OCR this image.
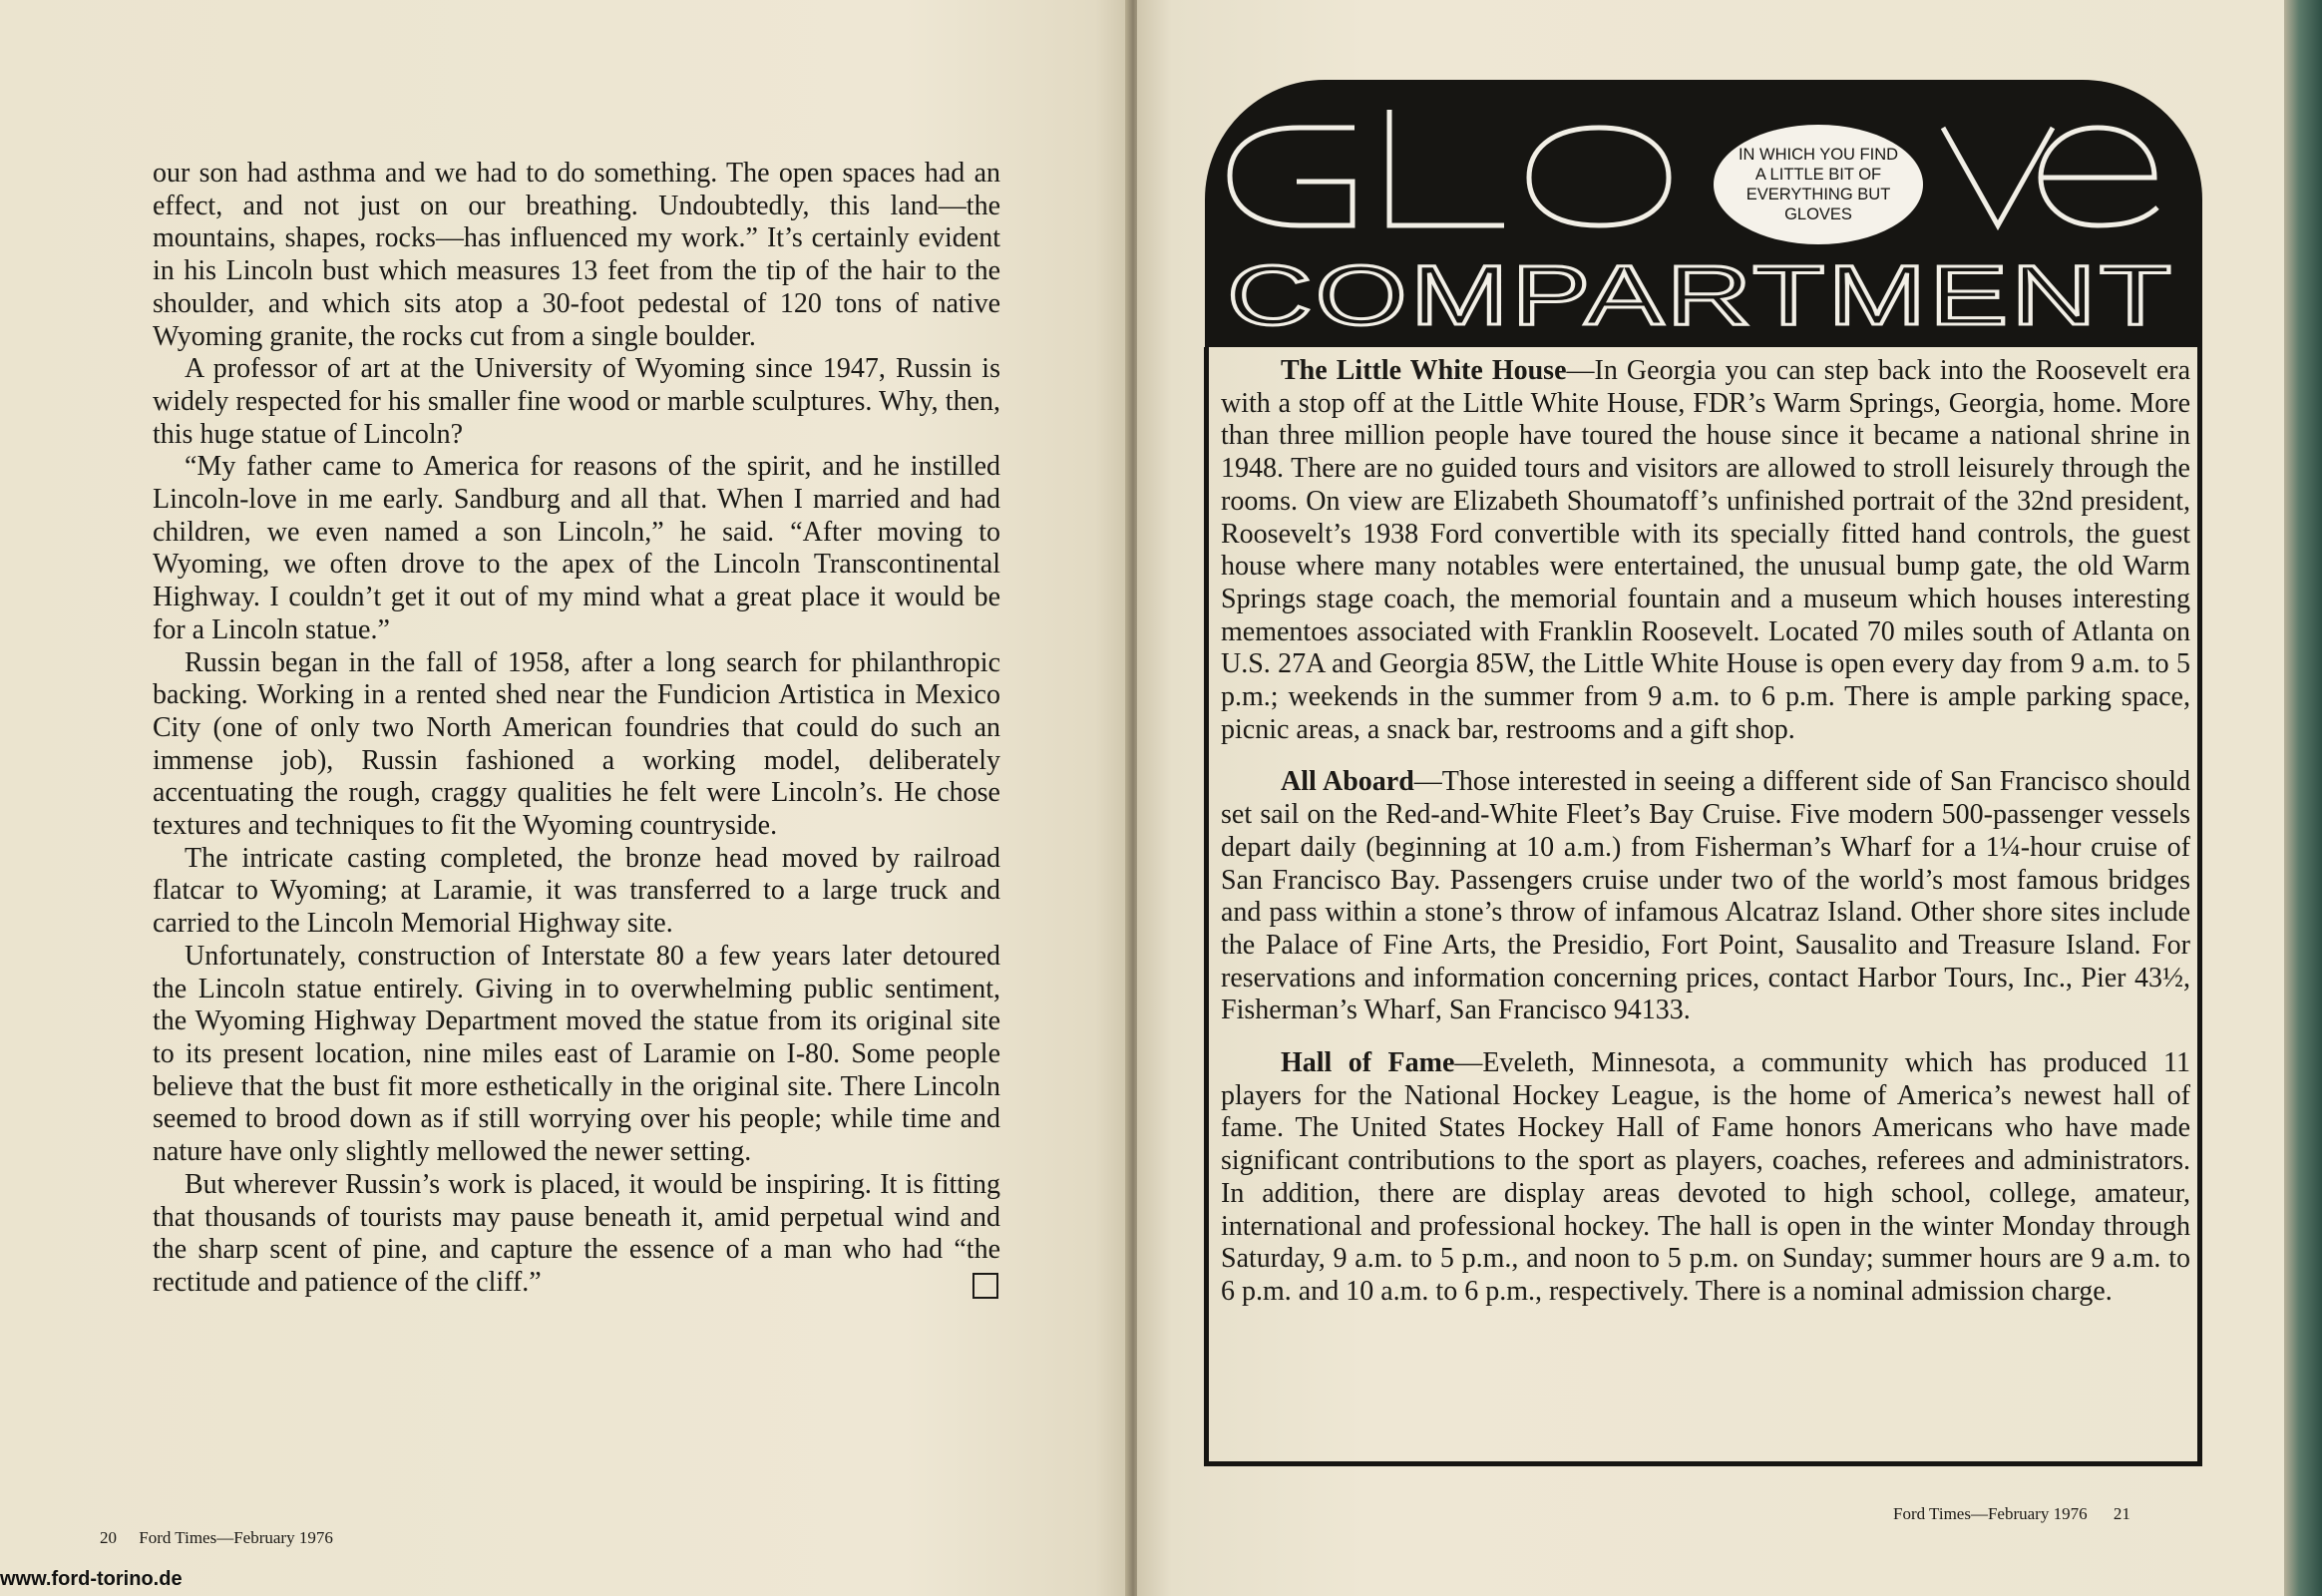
our son had asthma and we had to do something. The open spaces had an effect, and not just on our breathing. Undoubtedly, this land—the mountains, shapes, rocks—has influenced my work.” It’s certainly evident in his Lincoln bust which measures 13 feet from the tip of the hair to the shoulder, and which sits atop a 30-foot pedestal of 120 tons of native Wyoming granite, the rocks cut from a single boulder.

A professor of art at the University of Wyoming since 1947, Russin is widely respected for his smaller fine wood or marble sculptures. Why, then, this huge statue of Lincoln?

“My father came to America for reasons of the spirit, and he instilled Lincoln-love in me early. Sandburg and all that. When I married and had children, we even named a son Lincoln,” he said. “After moving to Wyoming, we often drove to the apex of the Lincoln Transcontinental Highway. I couldn’t get it out of my mind what a great place it would be for a Lincoln statue.”

Russin began in the fall of 1958, after a long search for philanthropic backing. Working in a rented shed near the Fundicion Artistica in Mexico City (one of only two North American foundries that could do such an immense job), Russin fashioned a working model, deliberately accentuating the rough, craggy qualities he felt were Lincoln’s. He chose textures and techniques to fit the Wyoming countryside.

The intricate casting completed, the bronze head moved by railroad flatcar to Wyoming; at Laramie, it was transferred to a large truck and carried to the Lincoln Memorial Highway site.

Unfortunately, construction of Interstate 80 a few years later detoured the Lincoln statue entirely. Giving in to overwhelming public sentiment, the Wyoming Highway Department moved the statue from its original site to its present location, nine miles east of Laramie on I-80. Some people believe that the bust fit more esthetically in the original site. There Lincoln seemed to brood down as if still worrying over his people; while time and nature have only slightly mellowed the newer setting.

But wherever Russin’s work is placed, it would be inspiring. It is fitting that thousands of tourists may pause beneath it, amid perpetual wind and the sharp scent of pine, and capture the essence of a man who had “the rectitude and patience of the cliff.”

20 Ford Times—February 1976
www.ford-torino.de
COMPARTMENT
IN WHICH YOU FIND A LITTLE BIT OF EVERYTHING BUT GLOVES

The Little White House—In Georgia you can step back into the Roosevelt era with a stop off at the Little White House, FDR’s Warm Springs, Georgia, home. More than three million people have toured the house since it became a national shrine in 1948. There are no guided tours and visitors are allowed to stroll leisurely through the rooms. On view are Elizabeth Shoumatoff’s unfinished portrait of the 32nd president, Roosevelt’s 1938 Ford convertible with its specially fitted hand controls, the guest house where many notables were entertained, the unusual bump gate, the old Warm Springs stage coach, the memorial fountain and a museum which houses interesting mementoes associated with Franklin Roosevelt. Located 70 miles south of Atlanta on U.S. 27A and Georgia 85W, the Little White House is open every day from 9 a.m. to 5 p.m.; weekends in the summer from 9 a.m. to 6 p.m. There is ample parking space, picnic areas, a snack bar, restrooms and a gift shop.

All Aboard—Those interested in seeing a different side of San Francisco should set sail on the Red-and-White Fleet’s Bay Cruise. Five modern 500-passenger vessels depart daily (beginning at 10 a.m.) from Fisherman’s Wharf for a 1¼-hour cruise of San Francisco Bay. Passengers cruise under two of the world’s most famous bridges and pass within a stone’s throw of infamous Alcatraz Island. Other shore sites include the Palace of Fine Arts, the Presidio, Fort Point, Sausalito and Treasure Island. For reservations and information concerning prices, contact Harbor Tours, Inc., Pier 43½, Fisherman’s Wharf, San Francisco 94133.

Hall of Fame—Eveleth, Minnesota, a community which has produced 11 players for the National Hockey League, is the home of America’s newest hall of fame. The United States Hockey Hall of Fame honors Americans who have made significant contributions to the sport as players, coaches, referees and administrators. In addition, there are display areas devoted to high school, college, amateur, international and professional hockey. The hall is open in the winter Monday through Saturday, 9 a.m. to 5 p.m., and noon to 5 p.m. on Sunday; summer hours are 9 a.m. to 6 p.m. and 10 a.m. to 6 p.m., respectively. There is a nominal admission charge.

Ford Times—February 1976 21
